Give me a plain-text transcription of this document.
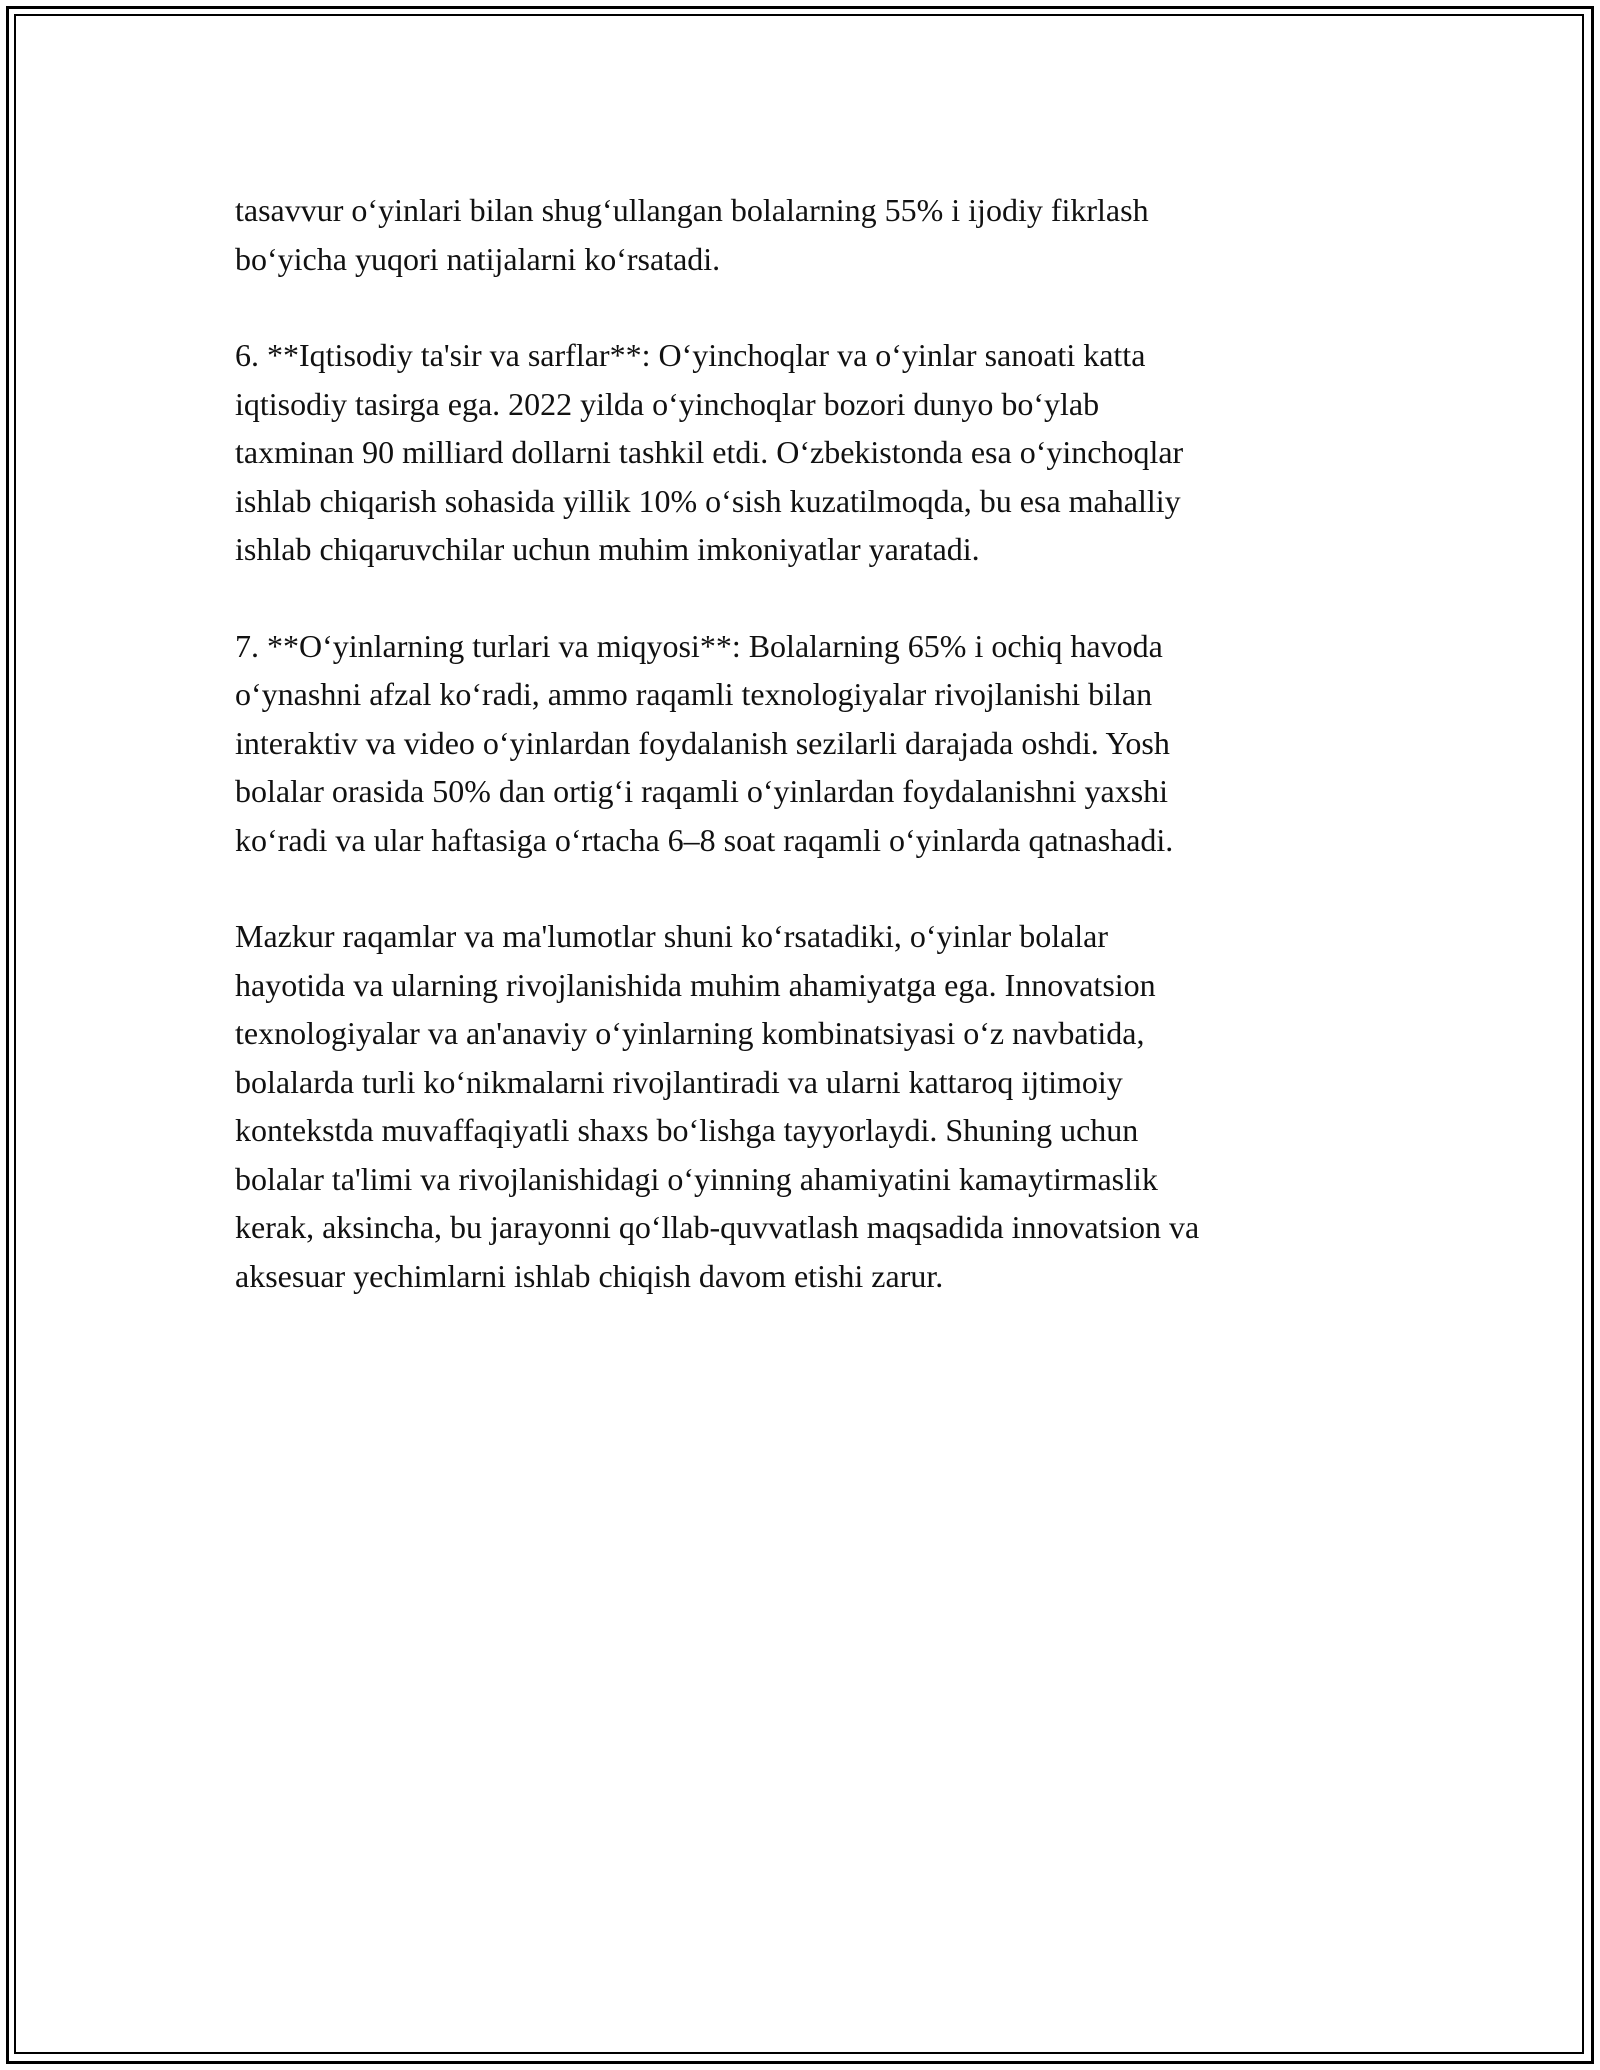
tasavvur o‘yinlari bilan shug‘ullangan bolalarning 55% i ijodiy fikrlash
bo‘yicha yuqori natijalarni ko‘rsatadi.

6. **Iqtisodiy ta'sir va sarflar**: O‘yinchoqlar va o‘yinlar sanoati katta
iqtisodiy tasirga ega. 2022 yilda o‘yinchoqlar bozori dunyo bo‘ylab
taxminan 90 milliard dollarni tashkil etdi. O‘zbekistonda esa o‘yinchoqlar
ishlab chiqarish sohasida yillik 10% o‘sish kuzatilmoqda, bu esa mahalliy
ishlab chiqaruvchilar uchun muhim imkoniyatlar yaratadi.

7. **O‘yinlarning turlari va miqyosi**: Bolalarning 65% i ochiq havoda
o‘ynashni afzal ko‘radi, ammo raqamli texnologiyalar rivojlanishi bilan
interaktiv va video o‘yinlardan foydalanish sezilarli darajada oshdi. Yosh
bolalar orasida 50% dan ortig‘i raqamli o‘yinlardan foydalanishni yaxshi
ko‘radi va ular haftasiga o‘rtacha 6–8 soat raqamli o‘yinlarda qatnashadi.

Mazkur raqamlar va ma'lumotlar shuni ko‘rsatadiki, o‘yinlar bolalar
hayotida va ularning rivojlanishida muhim ahamiyatga ega. Innovatsion
texnologiyalar va an'anaviy o‘yinlarning kombinatsiyasi o‘z navbatida,
bolalarda turli ko‘nikmalarni rivojlantiradi va ularni kattaroq ijtimoiy
kontekstda muvaffaqiyatli shaxs bo‘lishga tayyorlaydi. Shuning uchun
bolalar ta'limi va rivojlanishidagi o‘yinning ahamiyatini kamaytirmaslik
kerak, aksincha, bu jarayonni qo‘llab-quvvatlash maqsadida innovatsion va
aksesuar yechimlarni ishlab chiqish davom etishi zarur.
